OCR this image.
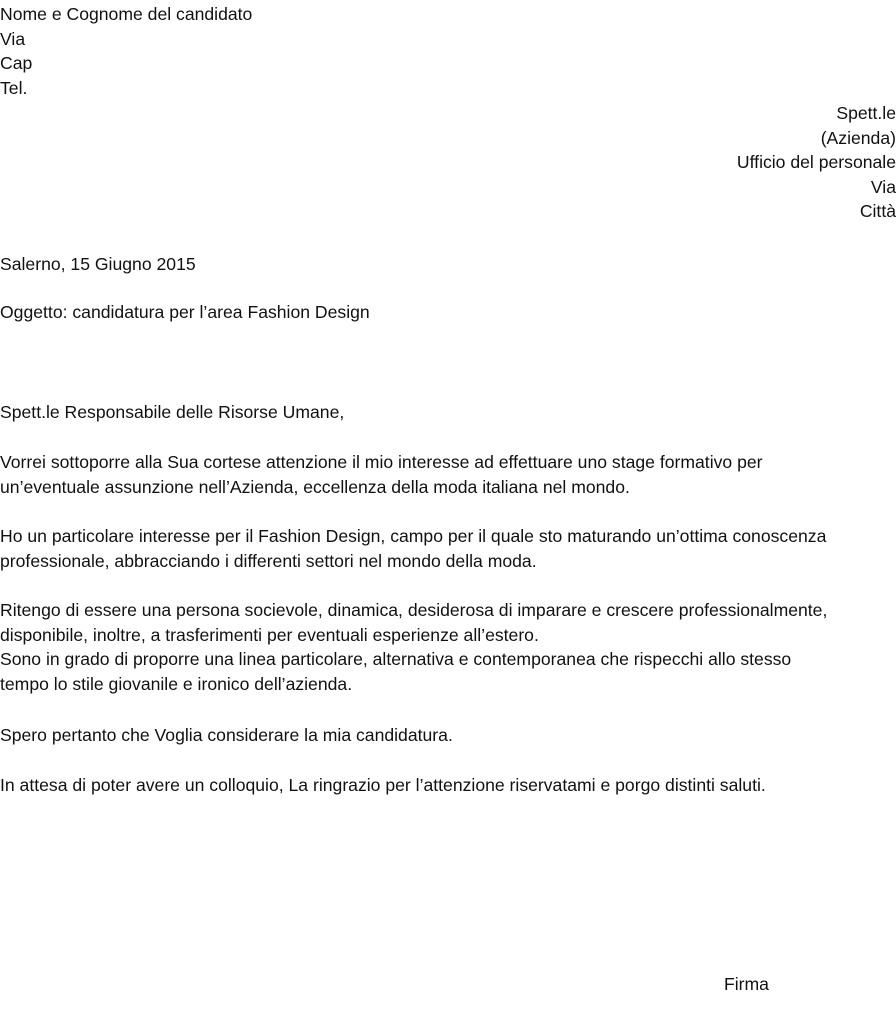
Nome e Cognome del candidato
Via
Cap
Tel.
Spett.le
(Azienda)
Ufficio del personale
Via
Città
Salerno, 15 Giugno 2015
Oggetto: candidatura per l’area Fashion Design
Spett.le Responsabile delle Risorse Umane,
Vorrei sottoporre alla Sua cortese attenzione il mio interesse ad effettuare uno stage formativo per
un’eventuale assunzione nell’Azienda, eccellenza della moda italiana nel mondo.
Ho un particolare interesse per il Fashion Design, campo per il quale sto maturando un’ottima conoscenza
professionale, abbracciando i differenti settori nel mondo della moda.
Ritengo di essere una persona socievole, dinamica, desiderosa di imparare e crescere professionalmente,
disponibile, inoltre, a trasferimenti per eventuali esperienze all’estero.
Sono in grado di proporre una linea particolare, alternativa e contemporanea che rispecchi allo stesso
tempo lo stile giovanile e ironico dell’azienda.
Spero pertanto che Voglia considerare la mia candidatura.
In attesa di poter avere un colloquio, La ringrazio per l’attenzione riservatami e porgo distinti saluti.
Firma
